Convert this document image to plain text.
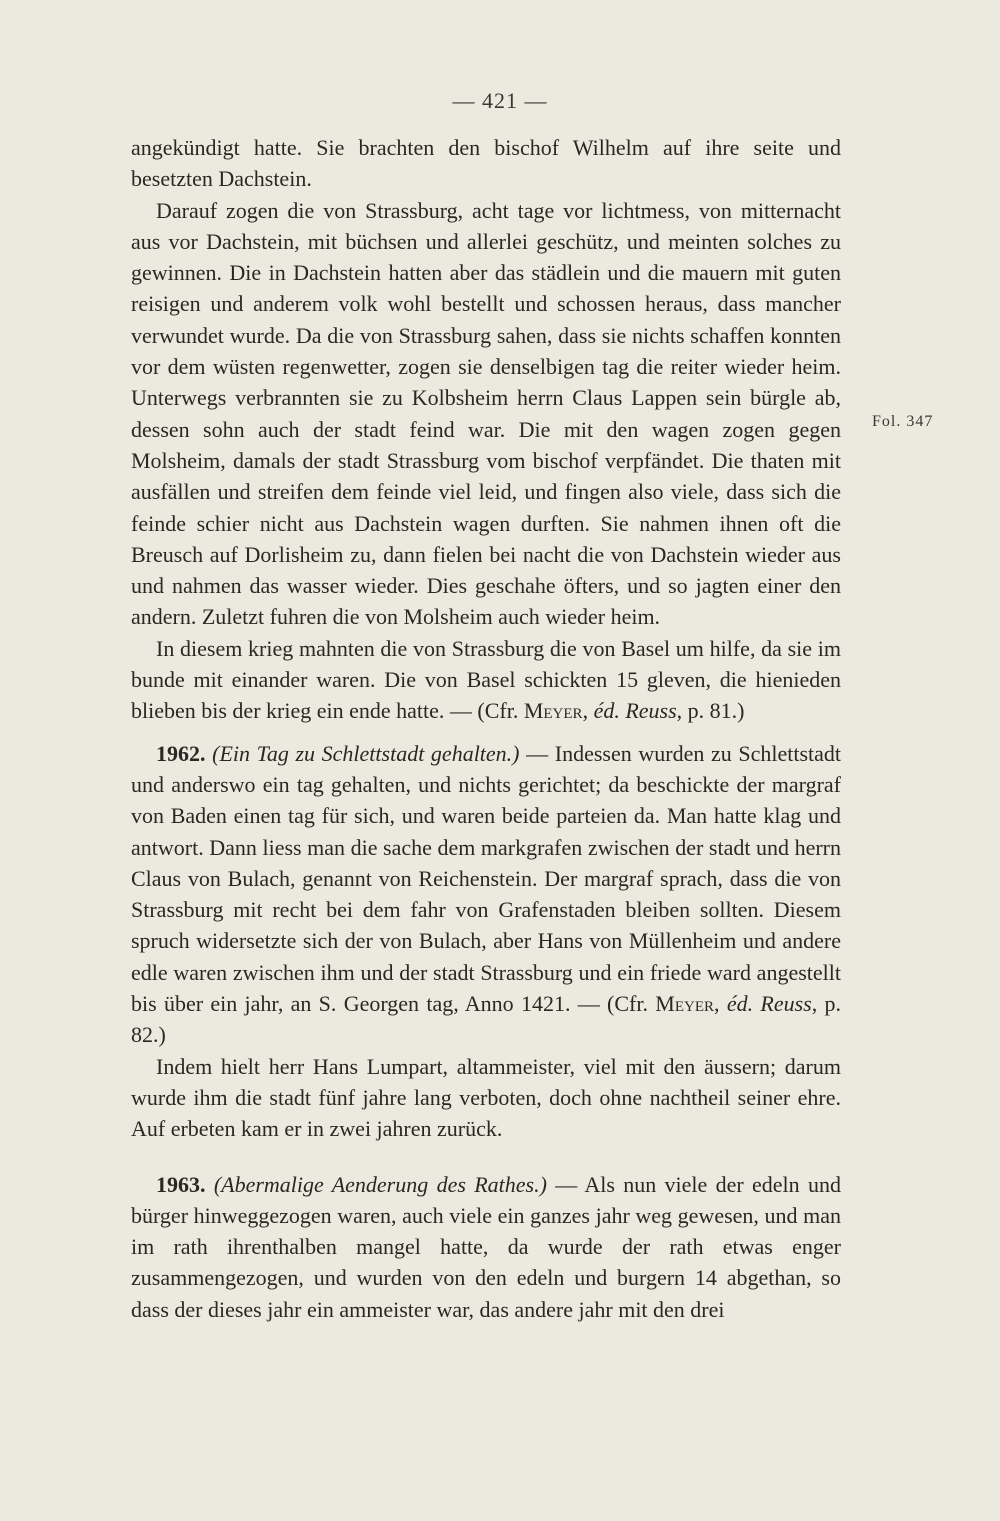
— 421 —
Fol. 347

angekündigt hatte. Sie brachten den bischof Wilhelm auf ihre seite und besetzten Dachstein.

Darauf zogen die von Strassburg, acht tage vor lichtmess, von mitternacht aus vor Dachstein, mit büchsen und allerlei geschütz, und meinten solches zu gewinnen. Die in Dachstein hatten aber das städlein und die mauern mit guten reisigen und anderem volk wohl bestellt und schossen heraus, dass mancher verwundet wurde. Da die von Strassburg sahen, dass sie nichts schaffen konnten vor dem wüsten regenwetter, zogen sie denselbigen tag die reiter wieder heim. Unterwegs verbrannten sie zu Kolbsheim herrn Claus Lappen sein bürgle ab, dessen sohn auch der stadt feind war. Die mit den wagen zogen gegen Molsheim, damals der stadt Strassburg vom bischof verpfändet. Die thaten mit ausfällen und streifen dem feinde viel leid, und fingen also viele, dass sich die feinde schier nicht aus Dachstein wagen durften. Sie nahmen ihnen oft die Breusch auf Dorlisheim zu, dann fielen bei nacht die von Dachstein wieder aus und nahmen das wasser wieder. Dies geschahe öfters, und so jagten einer den andern. Zuletzt fuhren die von Molsheim auch wieder heim.

In diesem krieg mahnten die von Strassburg die von Basel um hilfe, da sie im bunde mit einander waren. Die von Basel schickten 15 gleven, die hienieden blieben bis der krieg ein ende hatte. — (Cfr. Meyer, éd. Reuss, p. 81.)

1962. (Ein Tag zu Schlettstadt gehalten.) — Indessen wurden zu Schlettstadt und anderswo ein tag gehalten, und nichts gerichtet; da beschickte der margraf von Baden einen tag für sich, und waren beide parteien da. Man hatte klag und antwort. Dann liess man die sache dem markgrafen zwischen der stadt und herrn Claus von Bulach, genannt von Reichenstein. Der margraf sprach, dass die von Strassburg mit recht bei dem fahr von Grafenstaden bleiben sollten. Diesem spruch widersetzte sich der von Bulach, aber Hans von Müllenheim und andere edle waren zwischen ihm und der stadt Strassburg und ein friede ward angestellt bis über ein jahr, an S. Georgen tag, Anno 1421. — (Cfr. Meyer, éd. Reuss, p. 82.)

Indem hielt herr Hans Lumpart, altammeister, viel mit den äussern; darum wurde ihm die stadt fünf jahre lang verboten, doch ohne nachtheil seiner ehre. Auf erbeten kam er in zwei jahren zurück.

1963. (Abermalige Aenderung des Rathes.) — Als nun viele der edeln und bürger hinweggezogen waren, auch viele ein ganzes jahr weg gewesen, und man im rath ihrenthalben mangel hatte, da wurde der rath etwas enger zusammengezogen, und wurden von den edeln und burgern 14 abgethan, so dass der dieses jahr ein ammeister war, das andere jahr mit den drei
